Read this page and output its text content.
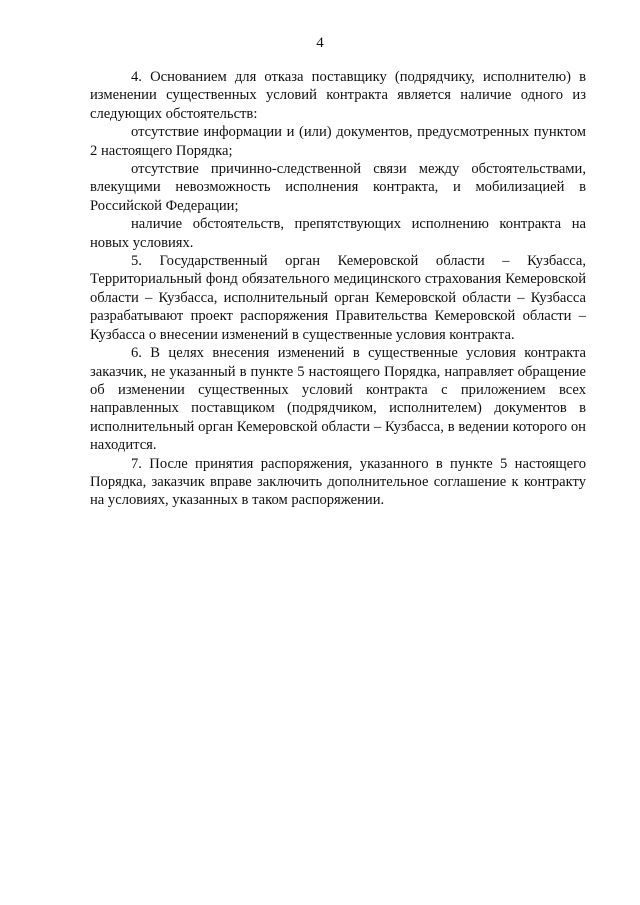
4

4. Основанием для отказа поставщику (подрядчику, исполнителю) в изменении существенных условий контракта является наличие одного из следующих обстоятельств:

отсутствие информации и (или) документов, предусмотренных пунктом 2 настоящего Порядка;

отсутствие причинно-следственной связи между обстоятельствами, влекущими невозможность исполнения контракта, и мобилизацией в Российской Федерации;

наличие обстоятельств, препятствующих исполнению контракта на новых условиях.

5. Государственный орган Кемеровской области – Кузбасса, Территориальный фонд обязательного медицинского страхования Кемеровской области – Кузбасса, исполнительный орган Кемеровской области – Кузбасса разрабатывают проект распоряжения Правительства Кемеровской области – Кузбасса о внесении изменений в существенные условия контракта.

6. В целях внесения изменений в существенные условия контракта заказчик, не указанный в пункте 5 настоящего Порядка, направляет обращение об изменении существенных условий контракта с приложением всех направленных поставщиком (подрядчиком, исполнителем) документов в исполнительный орган Кемеровской области – Кузбасса, в ведении которого он находится.

7. После принятия распоряжения, указанного в пункте 5 настоящего Порядка, заказчик вправе заключить дополнительное соглашение к контракту на условиях, указанных в таком распоряжении.
